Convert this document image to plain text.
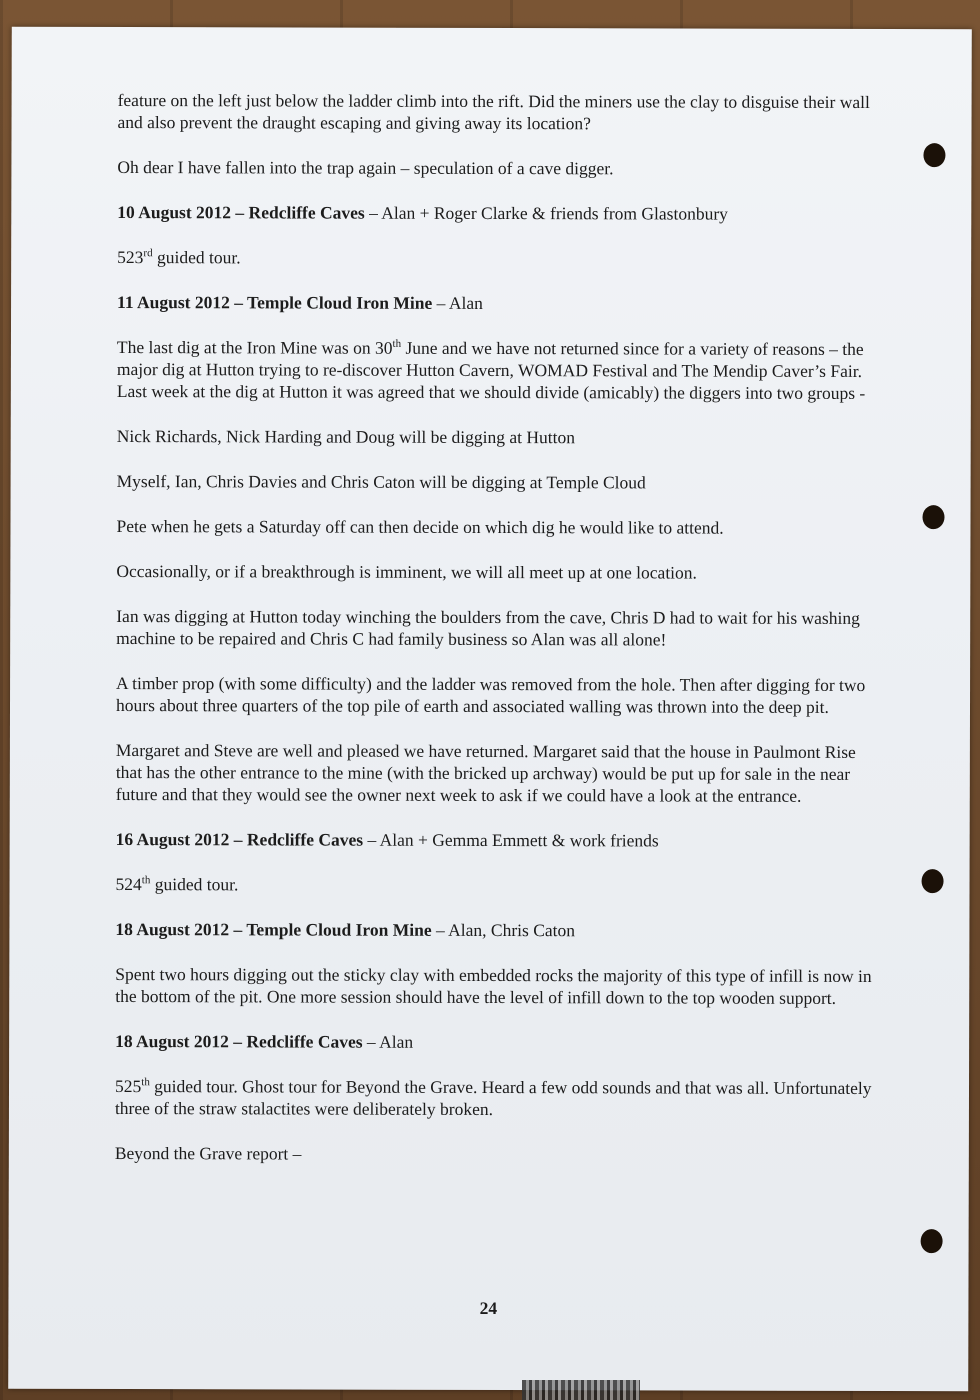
feature on the left just below the ladder climb into the rift. Did the miners use the clay to disguise their wall and also prevent the draught escaping and giving away its location?

Oh dear I have fallen into the trap again – speculation of a cave digger.

10 August 2012 – Redcliffe Caves – Alan + Roger Clarke & friends from Glastonbury

523rd guided tour.

11 August 2012 – Temple Cloud Iron Mine – Alan

The last dig at the Iron Mine was on 30th June and we have not returned since for a variety of reasons – the major dig at Hutton trying to re-discover Hutton Cavern, WOMAD Festival and The Mendip Caver’s Fair. Last week at the dig at Hutton it was agreed that we should divide (amicably) the diggers into two groups -

Nick Richards, Nick Harding and Doug will be digging at Hutton

Myself, Ian, Chris Davies and Chris Caton will be digging at Temple Cloud

Pete when he gets a Saturday off can then decide on which dig he would like to attend.

Occasionally, or if a breakthrough is imminent, we will all meet up at one location.

Ian was digging at Hutton today winching the boulders from the cave, Chris D had to wait for his washing machine to be repaired and Chris C had family business so Alan was all alone!

A timber prop (with some difficulty) and the ladder was removed from the hole. Then after digging for two hours about three quarters of the top pile of earth and associated walling was thrown into the deep pit.

Margaret and Steve are well and pleased we have returned. Margaret said that the house in Paulmont Rise that has the other entrance to the mine (with the bricked up archway) would be put up for sale in the near future and that they would see the owner next week to ask if we could have a look at the entrance.

16 August 2012 – Redcliffe Caves – Alan + Gemma Emmett & work friends

524th guided tour.

18 August 2012 – Temple Cloud Iron Mine – Alan, Chris Caton

Spent two hours digging out the sticky clay with embedded rocks the majority of this type of infill is now in the bottom of the pit. One more session should have the level of infill down to the top wooden support.

18 August 2012 – Redcliffe Caves – Alan

525th guided tour. Ghost tour for Beyond the Grave. Heard a few odd sounds and that was all. Unfortunately three of the straw stalactites were deliberately broken.

Beyond the Grave report –

24
